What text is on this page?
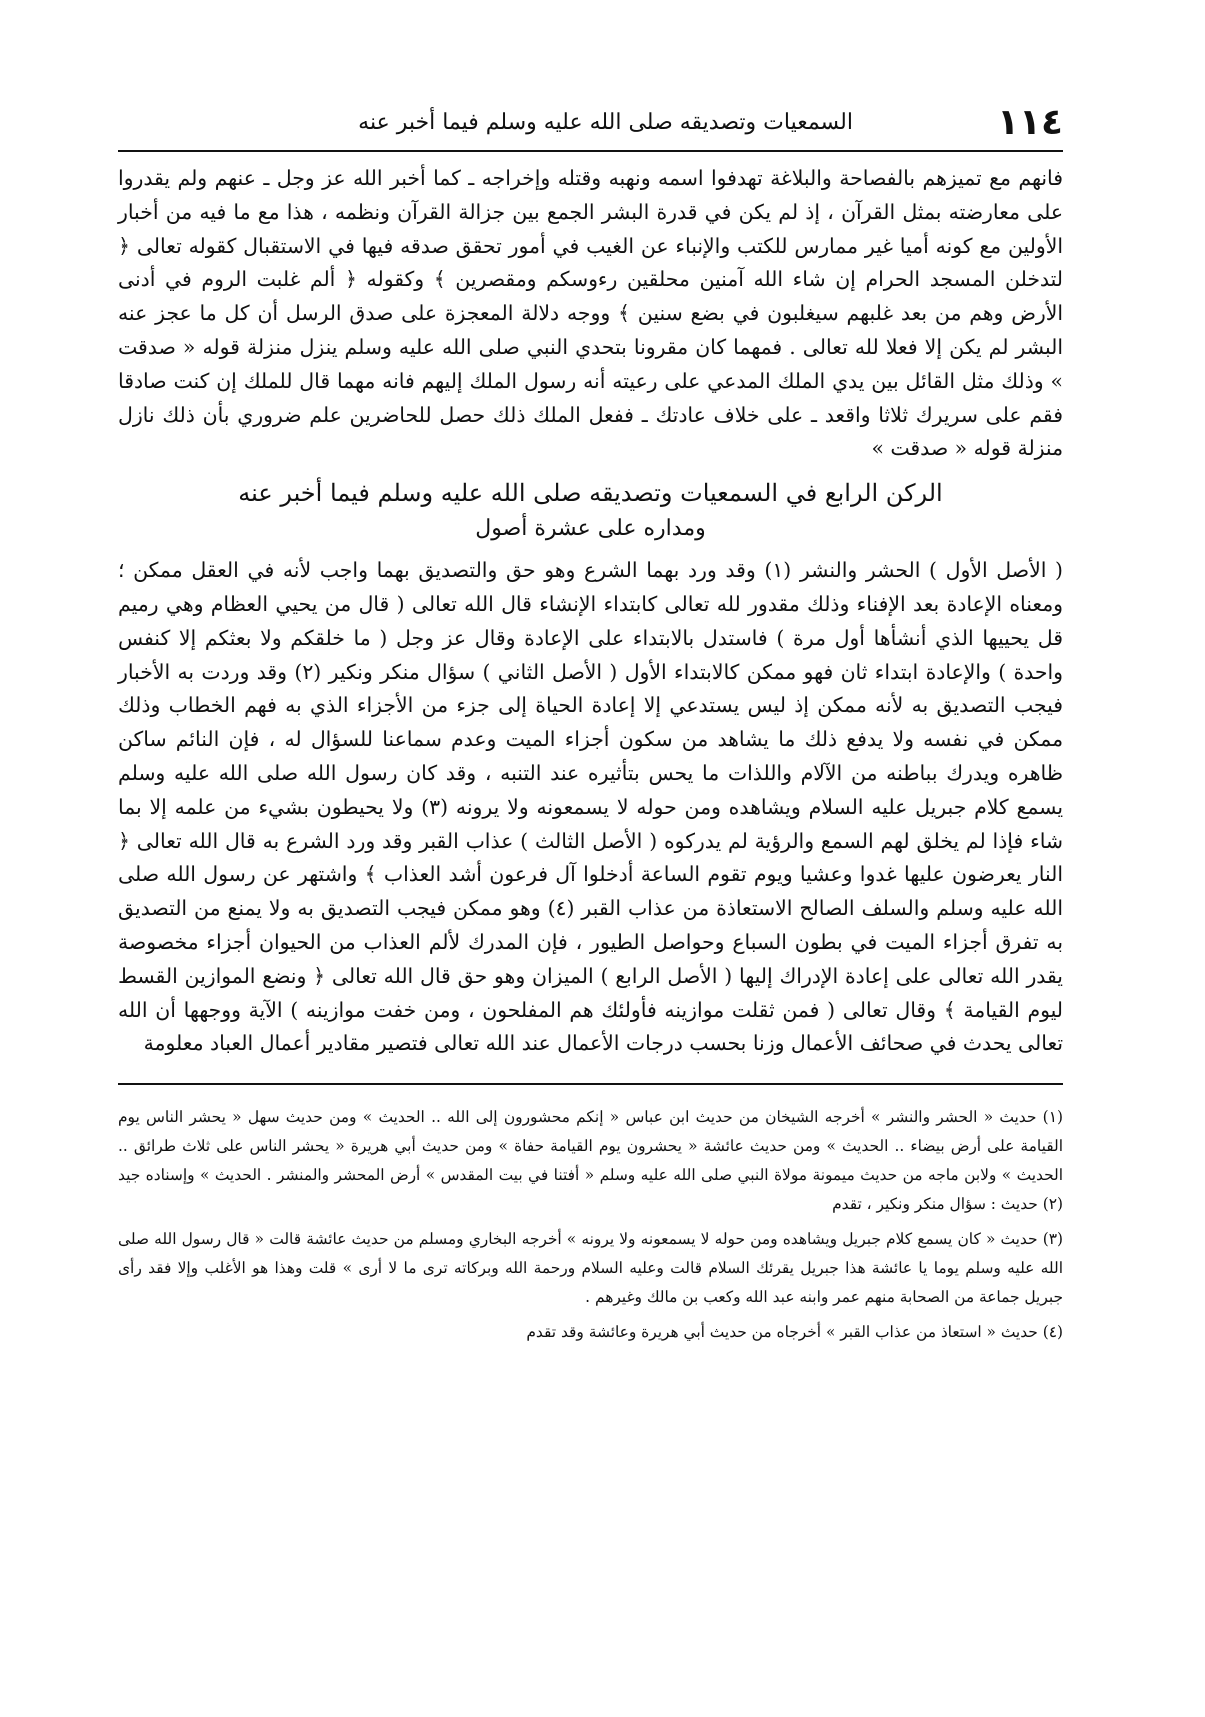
١١٤
السمعيات وتصديقه صلى الله عليه وسلم فيما أخبر عنه

فانهم مع تميزهم بالفصاحة والبلاغة تهدفوا اسمه ونهبه وقتله وإخراجه ـ كما أخبر الله عز وجل ـ عنهم ولم يقدروا على معارضته بمثل القرآن ، إذ لم يكن في قدرة البشر الجمع بين جزالة القرآن ونظمه ، هذا مع ما فيه من أخبار الأولين مع كونه أميا غير ممارس للكتب والإنباء عن الغيب في أمور تحقق صدقه فيها في الاستقبال كقوله تعالى ﴿ لتدخلن المسجد الحرام إن شاء الله آمنين محلقين رءوسكم ومقصرين ﴾ وكقوله ﴿ ألم غلبت الروم في أدنى الأرض وهم من بعد غلبهم سيغلبون في بضع سنين ﴾ ووجه دلالة المعجزة على صدق الرسل أن كل ما عجز عنه البشر لم يكن إلا فعلا لله تعالى . فمهما كان مقرونا بتحدي النبي صلى الله عليه وسلم ينزل منزلة قوله « صدقت » وذلك مثل القائل بين يدي الملك المدعي على رعيته أنه رسول الملك إليهم فانه مهما قال للملك إن كنت صادقا فقم على سريرك ثلاثا واقعد ـ على خلاف عادتك ـ ففعل الملك ذلك حصل للحاضرين علم ضروري بأن ذلك نازل منزلة قوله « صدقت »

الركن الرابع في السمعيات وتصديقه صلى الله عليه وسلم فيما أخبر عنه
ومداره على عشرة أصول

( الأصل الأول ) الحشر والنشر (١) وقد ورد بهما الشرع وهو حق والتصديق بهما واجب لأنه في العقل ممكن ؛ ومعناه الإعادة بعد الإفناء وذلك مقدور لله تعالى كابتداء الإنشاء قال الله تعالى ( قال من يحيي العظام وهي رميم قل يحييها الذي أنشأها أول مرة ) فاستدل بالابتداء على الإعادة وقال عز وجل ( ما خلقكم ولا بعثكم إلا كنفس واحدة ) والإعادة ابتداء ثان فهو ممكن كالابتداء الأول ( الأصل الثاني ) سؤال منكر ونكير (٢) وقد وردت به الأخبار فيجب التصديق به لأنه ممكن إذ ليس يستدعي إلا إعادة الحياة إلى جزء من الأجزاء الذي به فهم الخطاب وذلك ممكن في نفسه ولا يدفع ذلك ما يشاهد من سكون أجزاء الميت وعدم سماعنا للسؤال له ، فإن النائم ساكن ظاهره ويدرك بباطنه من الآلام واللذات ما يحس بتأثيره عند التنبه ، وقد كان رسول الله صلى الله عليه وسلم يسمع كلام جبريل عليه السلام ويشاهده ومن حوله لا يسمعونه ولا يرونه (٣) ولا يحيطون بشيء من علمه إلا بما شاء فإذا لم يخلق لهم السمع والرؤية لم يدركوه ( الأصل الثالث ) عذاب القبر وقد ورد الشرع به قال الله تعالى ﴿ النار يعرضون عليها غدوا وعشيا ويوم تقوم الساعة أدخلوا آل فرعون أشد العذاب ﴾ واشتهر عن رسول الله صلى الله عليه وسلم والسلف الصالح الاستعاذة من عذاب القبر (٤) وهو ممكن فيجب التصديق به ولا يمنع من التصديق به تفرق أجزاء الميت في بطون السباع وحواصل الطيور ، فإن المدرك لألم العذاب من الحيوان أجزاء مخصوصة يقدر الله تعالى على إعادة الإدراك إليها ( الأصل الرابع ) الميزان وهو حق قال الله تعالى ﴿ ونضع الموازين القسط ليوم القيامة ﴾ وقال تعالى ( فمن ثقلت موازينه فأولئك هم المفلحون ، ومن خفت موازينه ) الآية ووجهها أن الله تعالى يحدث في صحائف الأعمال وزنا بحسب درجات الأعمال عند الله تعالى فتصير مقادير أعمال العباد معلومة

(١) حديث « الحشر والنشر » أخرجه الشيخان من حديث ابن عباس « إنكم محشورون إلى الله .. الحديث » ومن حديث سهل « يحشر الناس يوم القيامة على أرض بيضاء .. الحديث » ومن حديث عائشة « يحشرون يوم القيامة حفاة » ومن حديث أبي هريرة « يحشر الناس على ثلاث طرائق .. الحديث » ولابن ماجه من حديث ميمونة مولاة النبي صلى الله عليه وسلم « أفتنا في بيت المقدس » أرض المحشر والمنشر . الحديث » وإسناده جيد (٢) حديث : سؤال منكر ونكير ، تقدم

(٣) حديث « كان يسمع كلام جبريل ويشاهده ومن حوله لا يسمعونه ولا يرونه » أخرجه البخاري ومسلم من حديث عائشة قالت « قال رسول الله صلى الله عليه وسلم يوما يا عائشة هذا جبريل يقرئك السلام قالت وعليه السلام ورحمة الله وبركاته ترى ما لا أرى » قلت وهذا هو الأغلب وإلا فقد رأى جبريل جماعة من الصحابة منهم عمر وابنه عبد الله وكعب بن مالك وغيرهم .

(٤) حديث « استعاذ من عذاب القبر » أخرجاه من حديث أبي هريرة وعائشة وقد تقدم
